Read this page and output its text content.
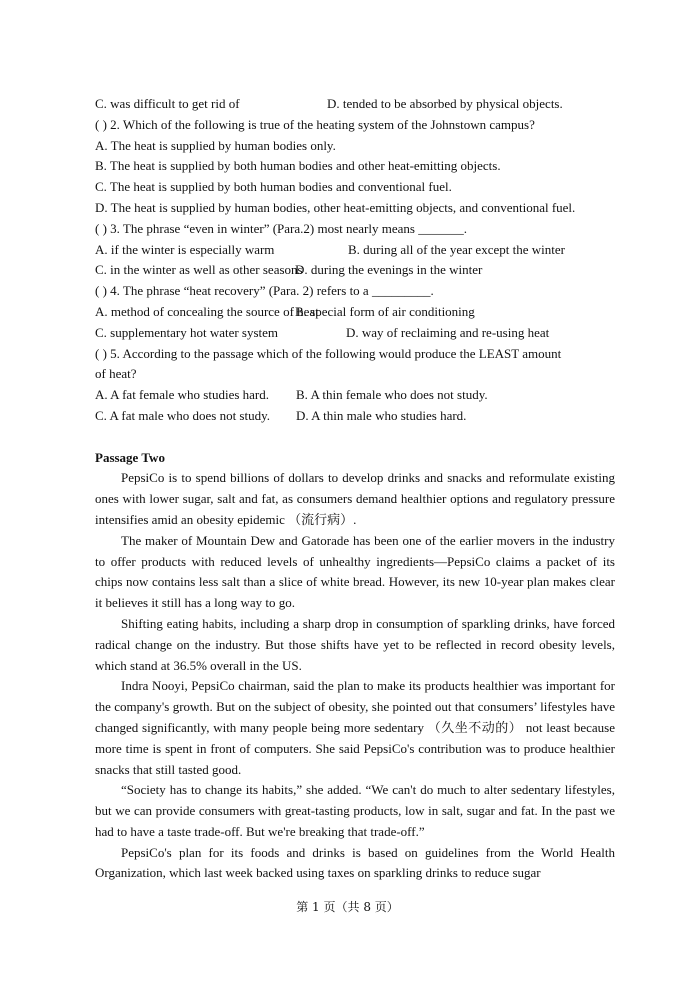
C. was difficult to get rid of	D. tended to be absorbed by physical objects.
( ) 2. Which of the following is true of the heating system of the Johnstown campus?
A. The heat is supplied by human bodies only.
B. The heat is supplied by both human bodies and other heat-emitting objects.
C. The heat is supplied by both human bodies and conventional fuel.
D. The heat is supplied by human bodies, other heat-emitting objects, and conventional fuel.
( ) 3. The phrase “even in winter” (Para.2) most nearly means _______.
A. if the winter is especially warm	B. during all of the year except the winter
C. in the winter as well as other seasons
D. during the evenings in the winter
( ) 4. The phrase “heat recovery” (Para. 2) refers to a _________.
A. method of concealing the source of heat
B. special form of air conditioning
C. supplementary hot water system	D. way of reclaiming and re-using heat
( ) 5. According to the passage which of the following would produce the LEAST amount
of heat?
A. A fat female who studies hard.	B. A thin female who does not study.
C. A fat male who does not study.	D. A thin male who studies hard.
Passage Two

PepsiCo is to spend billions of dollars to develop drinks and snacks and reformulate existing ones with lower sugar, salt and fat, as consumers demand healthier options and regulatory pressure intensifies amid an obesity epidemic （流行病）.

The maker of Mountain Dew and Gatorade has been one of the earlier movers in the industry to offer products with reduced levels of unhealthy ingredients—PepsiCo claims a packet of its chips now contains less salt than a slice of white bread. However, its new 10-year plan makes clear it believes it still has a long way to go.

Shifting eating habits, including a sharp drop in consumption of sparkling drinks, have forced radical change on the industry. But those shifts have yet to be reflected in record obesity levels, which stand at 36.5% overall in the US.

Indra Nooyi, PepsiCo chairman, said the plan to make its products healthier was important for the company's growth. But on the subject of obesity, she pointed out that consumers’ lifestyles have changed significantly, with many people being more sedentary （久坐不动的） not least because more time is spent in front of computers. She said PepsiCo's contribution was to produce healthier snacks that still tasted good.

“Society has to change its habits,” she added. “We can't do much to alter sedentary lifestyles, but we can provide consumers with great-tasting products, low in salt, sugar and fat. In the past we had to have a taste trade-off. But we're breaking that trade-off.”

PepsiCo's plan for its foods and drinks is based on guidelines from the World Health Organization, which last week backed using taxes on sparkling drinks to reduce sugar

第 1 页（共 8 页）
